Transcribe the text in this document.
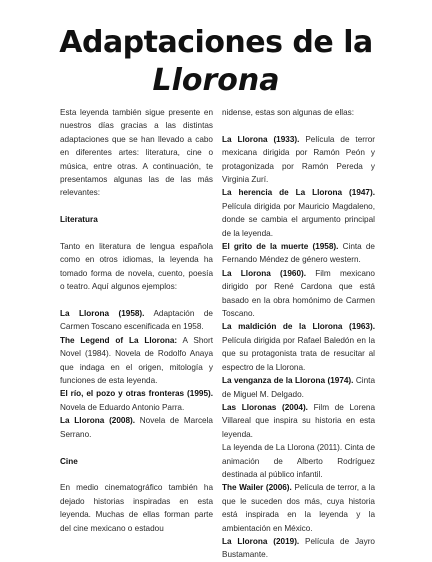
Adaptaciones de la
Llorona

Esta leyenda también sigue presente en nuestros días gracias a las distintas adaptaciones que se han llevado a cabo en diferentes artes: literatura, cine o música, entre otras. A continuación, te presentamos algunas las de las más relevantes:

Literatura

Tanto en literatura de lengua española como en otros idiomas, la leyenda ha tomado forma de novela, cuento, poesía o teatro. Aquí algunos ejemplos:

La Llorona (1958). Adaptación de Carmen Toscano escenificada en 1958.

The Legend of La Llorona: A Short Novel (1984). Novela de Rodolfo Anaya que indaga en el origen, mitología y funciones de esta leyenda.

El río, el pozo y otras fronteras (1995). Novela de Eduardo Antonio Parra.

La Llorona (2008). Novela de Marcela Serrano.

Cine

En medio cinematográfico también ha dejado historias inspiradas en esta leyenda. Muchas de ellas forman parte del cine mexicano o estadou

nidense, estas son algunas de ellas:

La Llorona (1933). Película de terror mexicana dirigida por Ramón Peón y protagonizada por Ramón Pereda y Virginia Zurí.

La herencia de La Llorona (1947). Película dirigida por Mauricio Magdaleno, donde se cambia el argumento principal de la leyenda.

El grito de la muerte (1958). Cinta de Fernando Méndez de género western.

La Llorona (1960). Film mexicano dirigido por René Cardona que está basado en la obra homónimo de Carmen Toscano.

La maldición de la Llorona (1963). Película dirigida por Rafael Baledón en la que su protagonista trata de resucitar al espectro de la Llorona.

La venganza de la Llorona (1974). Cinta de Miguel M. Delgado.

Las Lloronas (2004). Film de Lorena Villareal que inspira su historia en esta leyenda.

La leyenda de La Llorona (2011). Cinta de animación de Alberto Rodríguez destinada al público infantil.

The Wailer (2006). Película de terror, a la que le suceden dos más, cuya historia está inspirada en la leyenda y la ambientación en México.

La Llorona (2019). Película de Jayro Bustamante.
